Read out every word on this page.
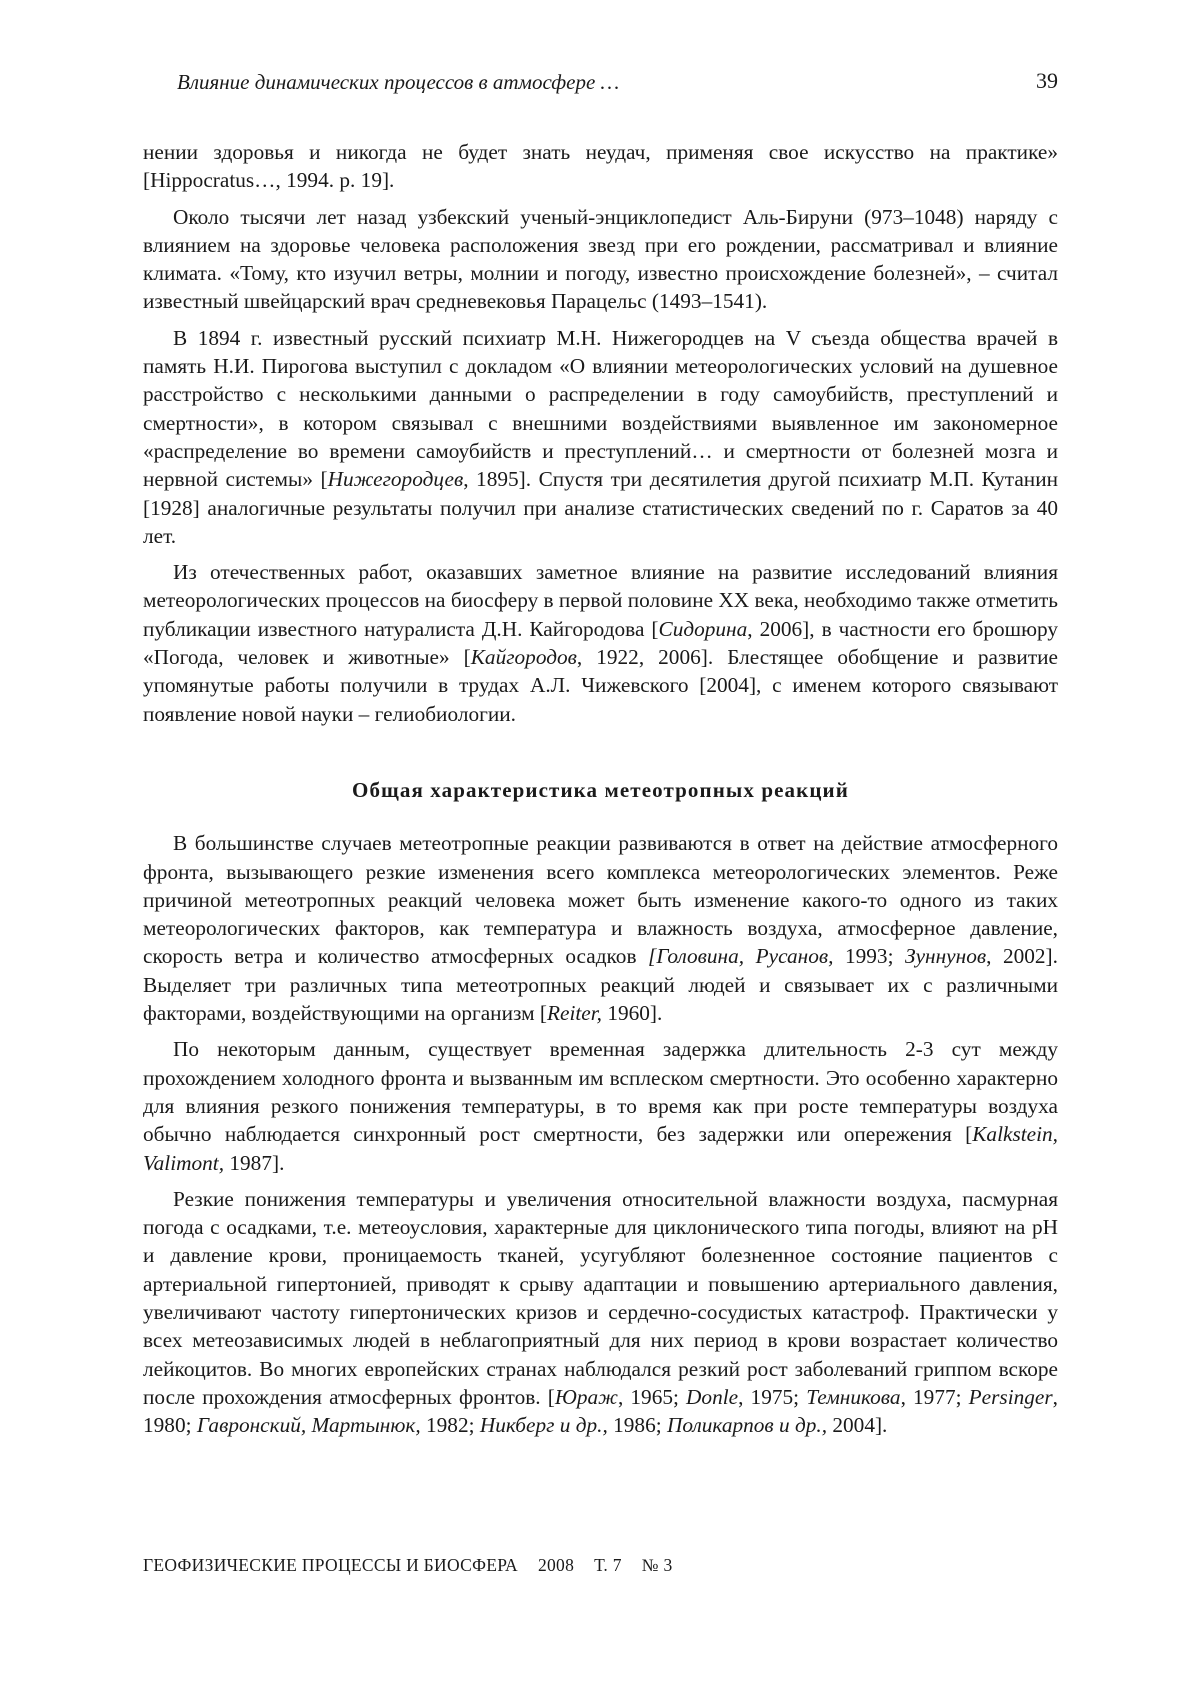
Влияние динамических процессов в атмосфере …	39

нении здоровья и никогда не будет знать неудач, применяя свое искусство на практике» [Hippocratus…, 1994. p. 19].

Около тысячи лет назад узбекский ученый-энциклопедист Аль-Бируни (973–1048) наряду с влиянием на здоровье человека расположения звезд при его рождении, рассматривал и влияние климата. «Тому, кто изучил ветры, молнии и погоду, известно происхождение болезней», – считал известный швейцарский врач средневековья Парацельс (1493–1541).

В 1894 г. известный русский психиатр М.Н. Нижегородцев на V съезда общества врачей в память Н.И. Пирогова выступил с докладом «О влиянии метеорологических условий на душевное расстройство с несколькими данными о распределении в году самоубийств, преступлений и смертности», в котором связывал с внешними воздействиями выявленное им закономерное «распределение во времени самоубийств и преступлений… и смертности от болезней мозга и нервной системы» [Нижегородцев, 1895]. Спустя три десятилетия другой психиатр М.П. Кутанин [1928] аналогичные результаты получил при анализе статистических сведений по г. Саратов за 40 лет.

Из отечественных работ, оказавших заметное влияние на развитие исследований влияния метеорологических процессов на биосферу в первой половине XX века, необходимо также отметить публикации известного натуралиста Д.Н. Кайгородова [Сидорина, 2006], в частности его брошюру «Погода, человек и животные» [Кайгородов, 1922, 2006]. Блестящее обобщение и развитие упомянутые работы получили в трудах А.Л. Чижевского [2004], с именем которого связывают появление новой науки – гелиобиологии.

Общая характеристика метеотропных реакций

В большинстве случаев метеотропные реакции развиваются в ответ на действие атмосферного фронта, вызывающего резкие изменения всего комплекса метеорологических элементов. Реже причиной метеотропных реакций человека может быть изменение какого-то одного из таких метеорологических факторов, как температура и влажность воздуха, атмосферное давление, скорость ветра и количество атмосферных осадков [Головина, Русанов, 1993; Зуннунов, 2002]. Выделяет три различных типа метеотропных реакций людей и связывает их с различными факторами, воздействующими на организм [Reiter, 1960].

По некоторым данным, существует временная задержка длительность 2-3 сут между прохождением холодного фронта и вызванным им всплеском смертности. Это особенно характерно для влияния резкого понижения температуры, в то время как при росте температуры воздуха обычно наблюдается синхронный рост смертности, без задержки или опережения [Kalkstein, Valimont, 1987].

Резкие понижения температуры и увеличения относительной влажности воздуха, пасмурная погода с осадками, т.е. метеоусловия, характерные для циклонического типа погоды, влияют на рН и давление крови, проницаемость тканей, усугубляют болезненное состояние пациентов с артериальной гипертонией, приводят к срыву адаптации и повышению артериального давления, увеличивают частоту гипертонических кризов и сердечно-сосудистых катастроф. Практически у всех метеозависимых людей в неблагоприятный для них период в крови возрастает количество лейкоцитов. Во многих европейских странах наблюдался резкий рост заболеваний гриппом вскоре после прохождения атмосферных фронтов. [Юраж, 1965; Donle, 1975; Темникова, 1977; Persinger, 1980; Гавронский, Мартынюк, 1982; Никберг и др., 1986; Поликарпов и др., 2004].

ГЕОФИЗИЧЕСКИЕ ПРОЦЕССЫ И БИОСФЕРА 2008 Т. 7 № 3
